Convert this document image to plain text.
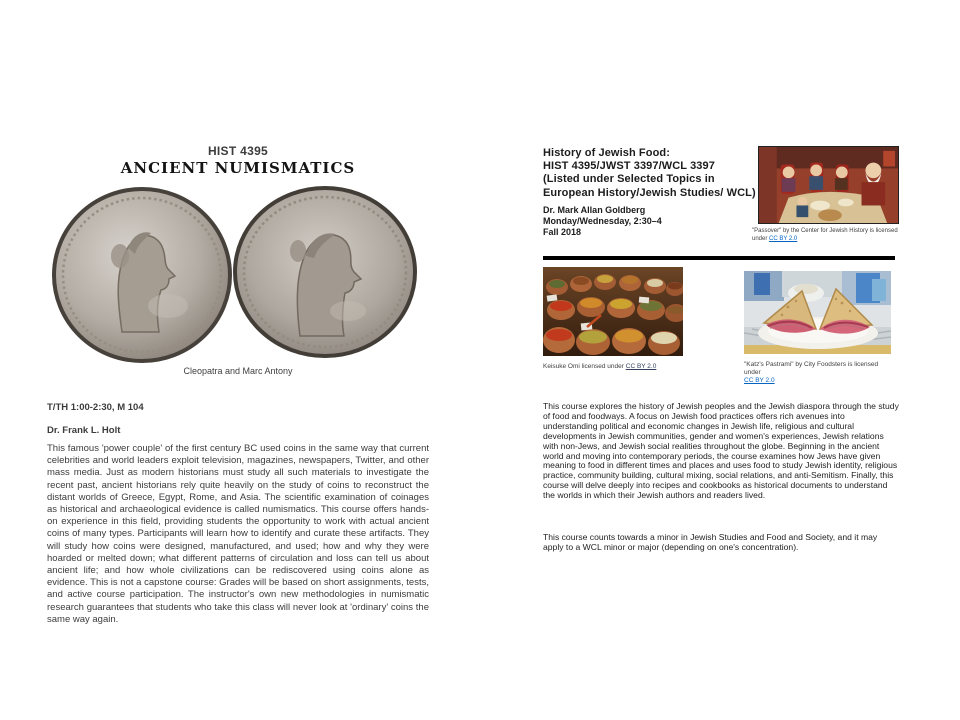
HIST 4395
ANCIENT NUMISMATICS
Cleopatra and Marc Antony
T/TH 1:00-2:30, M 104
Dr. Frank L. Holt
This famous 'power couple' of the first century BC used coins in the same way that current celebrities and world leaders exploit television, magazines, newspapers, Twitter, and other mass media. Just as modern historians must study all such materials to investigate the recent past, ancient historians rely quite heavily on the study of coins to reconstruct the distant worlds of Greece, Egypt, Rome, and Asia. The scientific examination of coinages as historical and archaeological evidence is called numismatics. This course offers hands-on experience in this field, providing students the opportunity to work with actual ancient coins of many types. Participants will learn how to identify and curate these artifacts. They will study how coins were designed, manufactured, and used; how and why they were hoarded or melted down; what different patterns of circulation and loss can tell us about ancient life; and how whole civilizations can be rediscovered using coins alone as evidence. This is not a capstone course: Grades will be based on short assignments, tests, and active course participation. The instructor's own new methodologies in numismatic research guarantees that students who take this class will never look at 'ordinary' coins the same way again.
History of Jewish Food:
HIST 4395/JWST 3397/WCL 3397
(Listed under Selected Topics in
European History/Jewish Studies/ WCL)
Dr. Mark Allan Goldberg
Monday/Wednesday, 2:30–4
Fall 2018	"Passover" by the Center for Jewish History is licensed under CC BY 2.0
Keisuke Omi licensed under CC BY 2.0	"Katz's Pastrami" by City Foodsters is licensed under
CC BY 2.0
This course explores the history of Jewish peoples and the Jewish diaspora through the study of food and foodways. A focus on Jewish food practices offers rich avenues into understanding political and economic changes in Jewish life, religious and cultural developments in Jewish communities, gender and women's experiences, Jewish relations with non-Jews, and Jewish social realities throughout the globe. Beginning in the ancient world and moving into contemporary periods, the course examines how Jews have given meaning to food in different times and places and uses food to study Jewish identity, religious practice, community building, cultural mixing, social relations, and anti-Semitism. Finally, this course will delve deeply into recipes and cookbooks as historical documents to understand the worlds in which their Jewish authors and readers lived.
This course counts towards a minor in Jewish Studies and Food and Society, and it may apply to a WCL minor or major (depending on one's concentration).
